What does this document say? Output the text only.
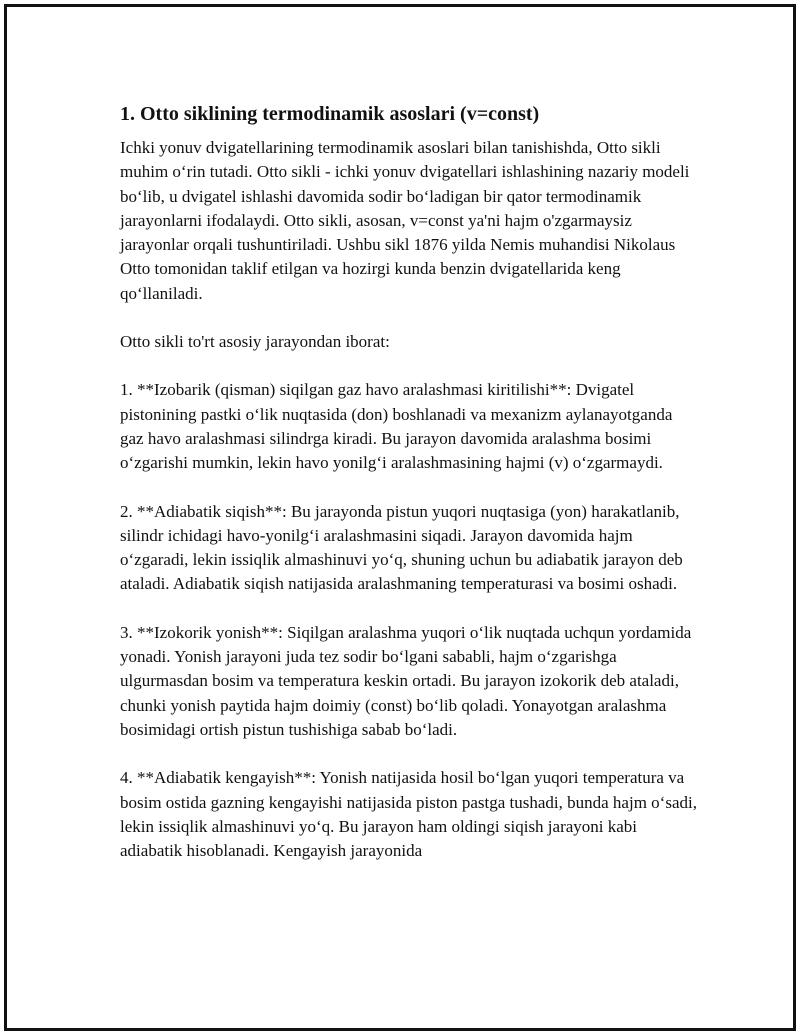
1. Otto siklining termodinamik asoslari (v=const)

Ichki yonuv dvigatellarining termodinamik asoslari bilan tanishishda, Otto sikli muhim o‘rin tutadi. Otto sikli - ichki yonuv dvigatellari ishlashining nazariy modeli bo‘lib, u dvigatel ishlashi davomida sodir bo‘ladigan bir qator termodinamik jarayonlarni ifodalaydi. Otto sikli, asosan, v=const ya'ni hajm o'zgarmaysiz jarayonlar orqali tushuntiriladi. Ushbu sikl 1876 yilda Nemis muhandisi Nikolaus Otto tomonidan taklif etilgan va hozirgi kunda benzin dvigatellarida keng qo‘llaniladi.

Otto sikli to'rt asosiy jarayondan iborat:

1. **Izobarik (qisman) siqilgan gaz havo aralashmasi kiritilishi**: Dvigatel pistonining pastki o‘lik nuqtasida (don) boshlanadi va mexanizm aylanayotganda gaz havo aralashmasi silindrga kiradi. Bu jarayon davomida aralashma bosimi o‘zgarishi mumkin, lekin havo yonilg‘i aralashmasining hajmi (v) o‘zgarmaydi.

2. **Adiabatik siqish**: Bu jarayonda pistun yuqori nuqtasiga (yon) harakatlanib, silindr ichidagi havo-yonilg‘i aralashmasini siqadi. Jarayon davomida hajm o‘zgaradi, lekin issiqlik almashinuvi yo‘q, shuning uchun bu adiabatik jarayon deb ataladi. Adiabatik siqish natijasida aralashmaning temperaturasi va bosimi oshadi.

3. **Izokorik yonish**: Siqilgan aralashma yuqori o‘lik nuqtada uchqun yordamida yonadi. Yonish jarayoni juda tez sodir bo‘lgani sababli, hajm o‘zgarishga ulgurmasdan bosim va temperatura keskin ortadi. Bu jarayon izokorik deb ataladi, chunki yonish paytida hajm doimiy (const) bo‘lib qoladi. Yonayotgan aralashma bosimidagi ortish pistun tushishiga sabab bo‘ladi.

4. **Adiabatik kengayish**: Yonish natijasida hosil bo‘lgan yuqori temperatura va bosim ostida gazning kengayishi natijasida piston pastga tushadi, bunda hajm o‘sadi, lekin issiqlik almashinuvi yo‘q. Bu jarayon ham oldingi siqish jarayoni kabi adiabatik hisoblanadi. Kengayish jarayonida
